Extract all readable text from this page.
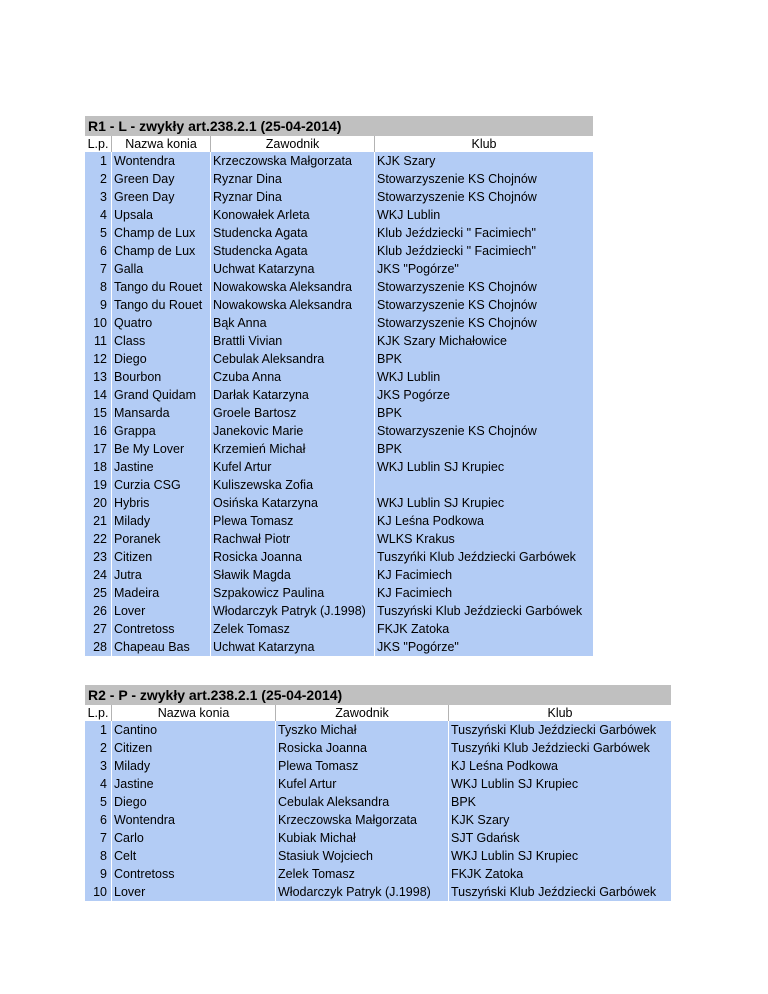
R1 - L - zwykły art.238.2.1 (25-04-2014)
L.p.	Nazwa konia	Zawodnik	Klub
1	Wontendra	Krzeczowska Małgorzata	KJK Szary
2	Green Day	Ryznar Dina	Stowarzyszenie KS Chojnów
3	Green Day	Ryznar Dina	Stowarzyszenie KS Chojnów
4	Upsala	Konowałek Arleta	WKJ Lublin
5	Champ de Lux	Studencka Agata	Klub Jeździecki " Facimiech"
6	Champ de Lux	Studencka Agata	Klub Jeździecki " Facimiech"
7	Galla	Uchwat Katarzyna	JKS "Pogórze"
8	Tango du Rouet	Nowakowska Aleksandra	Stowarzyszenie KS Chojnów
9	Tango du Rouet	Nowakowska Aleksandra	Stowarzyszenie KS Chojnów
10	Quatro	Bąk Anna	Stowarzyszenie KS Chojnów
11	Class	Brattli Vivian	KJK Szary Michałowice
12	Diego	Cebulak Aleksandra	BPK
13	Bourbon	Czuba Anna	WKJ Lublin
14	Grand Quidam	Darłak Katarzyna	JKS Pogórze
15	Mansarda	Groele Bartosz	BPK
16	Grappa	Janekovic Marie	Stowarzyszenie KS Chojnów
17	Be My Lover	Krzemień Michał	BPK
18	Jastine	Kufel Artur	WKJ Lublin SJ Krupiec
19	Curzia CSG	Kuliszewska Zofia	
20	Hybris	Osińska Katarzyna	WKJ Lublin SJ Krupiec
21	Milady	Plewa Tomasz	KJ Leśna Podkowa
22	Poranek	Rachwał Piotr	WLKS Krakus
23	Citizen	Rosicka Joanna	Tuszyńki Klub Jeździecki Garbówek
24	Jutra	Sławik Magda	KJ Facimiech
25	Madeira	Szpakowicz Paulina	KJ Facimiech
26	Lover	Włodarczyk Patryk (J.1998)	Tuszyński Klub Jeździecki Garbówek
27	Contretoss	Zelek Tomasz	FKJK Zatoka
28	Chapeau Bas	Uchwat Katarzyna	JKS "Pogórze"
R2 - P - zwykły art.238.2.1 (25-04-2014)
L.p.	Nazwa konia	Zawodnik	Klub
1	Cantino	Tyszko Michał	Tuszyński Klub Jeździecki Garbówek
2	Citizen	Rosicka Joanna	Tuszyńki Klub Jeździecki Garbówek
3	Milady	Plewa Tomasz	KJ Leśna Podkowa
4	Jastine	Kufel Artur	WKJ Lublin SJ Krupiec
5	Diego	Cebulak Aleksandra	BPK
6	Wontendra	Krzeczowska Małgorzata	KJK Szary
7	Carlo	Kubiak Michał	SJT Gdańsk
8	Celt	Stasiuk Wojciech	WKJ Lublin SJ Krupiec
9	Contretoss	Zelek Tomasz	FKJK Zatoka
10	Lover	Włodarczyk Patryk (J.1998)	Tuszyński Klub Jeździecki Garbówek
